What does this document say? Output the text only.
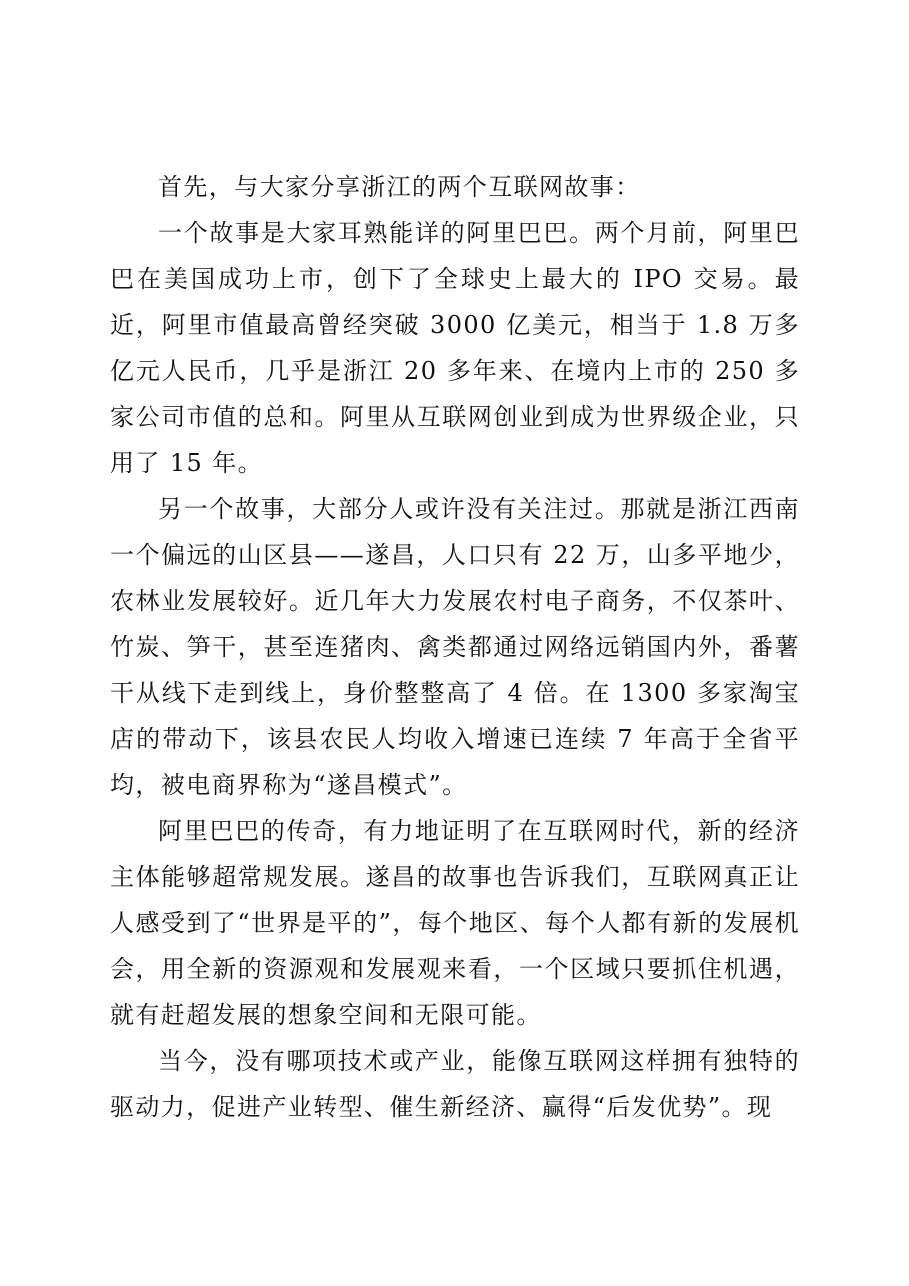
首先，与大家分享浙江的两个互联网故事：

一个故事是大家耳熟能详的阿里巴巴。两个月前，阿里巴巴在美国成功上市，创下了全球史上最大的 IPO 交易。最近，阿里市值最高曾经突破 3000 亿美元，相当于 1.8 万多亿元人民币，几乎是浙江 20 多年来、在境内上市的 250 多家公司市值的总和。阿里从互联网创业到成为世界级企业，只用了 15 年。

另一个故事，大部分人或许没有关注过。那就是浙江西南一个偏远的山区县——遂昌，人口只有 22 万，山多平地少，农林业发展较好。近几年大力发展农村电子商务，不仅茶叶、竹炭、笋干，甚至连猪肉、禽类都通过网络远销国内外，番薯干从线下走到线上，身价整整高了 4 倍。在 1300 多家淘宝店的带动下，该县农民人均收入增速已连续 7 年高于全省平均，被电商界称为“遂昌模式”。

阿里巴巴的传奇，有力地证明了在互联网时代，新的经济主体能够超常规发展。遂昌的故事也告诉我们，互联网真正让人感受到了“世界是平的”，每个地区、每个人都有新的发展机会，用全新的资源观和发展观来看，一个区域只要抓住机遇，就有赶超发展的想象空间和无限可能。

当今，没有哪项技术或产业，能像互联网这样拥有独特的驱动力，促进产业转型、催生新经济、赢得“后发优势”。现
